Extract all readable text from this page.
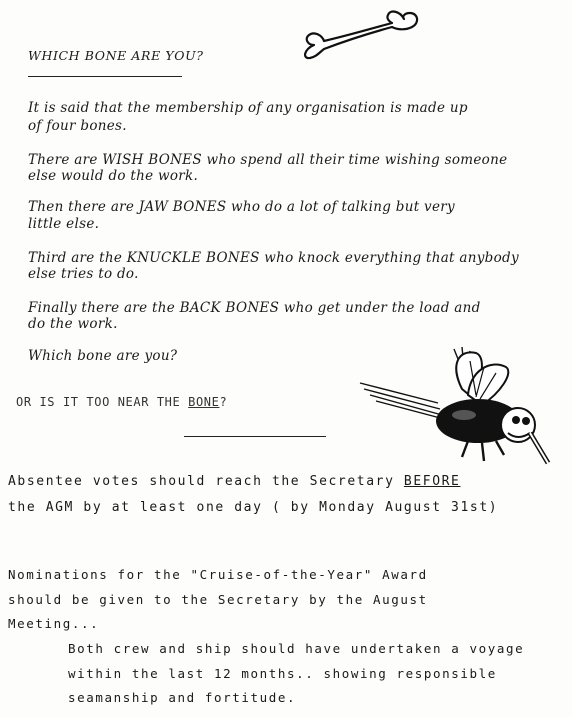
WHICH BONE ARE YOU?
It is said that the membership of any organisation is made up
of four bones.
There are WISH BONES who spend all their time wishing someone
else would do the work.
Then there are JAW BONES who do a lot of talking but very
little else.
Third are the KNUCKLE BONES who knock everything that anybody
else tries to do.
Finally there are the BACK BONES who get under the load and
do the work.
Which bone are you?
OR IS IT TOO NEAR THE BONE?
Absentee votes should reach the Secretary BEFORE
the AGM by at least one day ( by Monday August 31st)
Nominations for the "Cruise-of-the-Year" Award
should be given to the Secretary by the August
Meeting...
Both crew and ship should have undertaken a voyage
within the last 12 months.. showing responsible
seamanship and fortitude.
